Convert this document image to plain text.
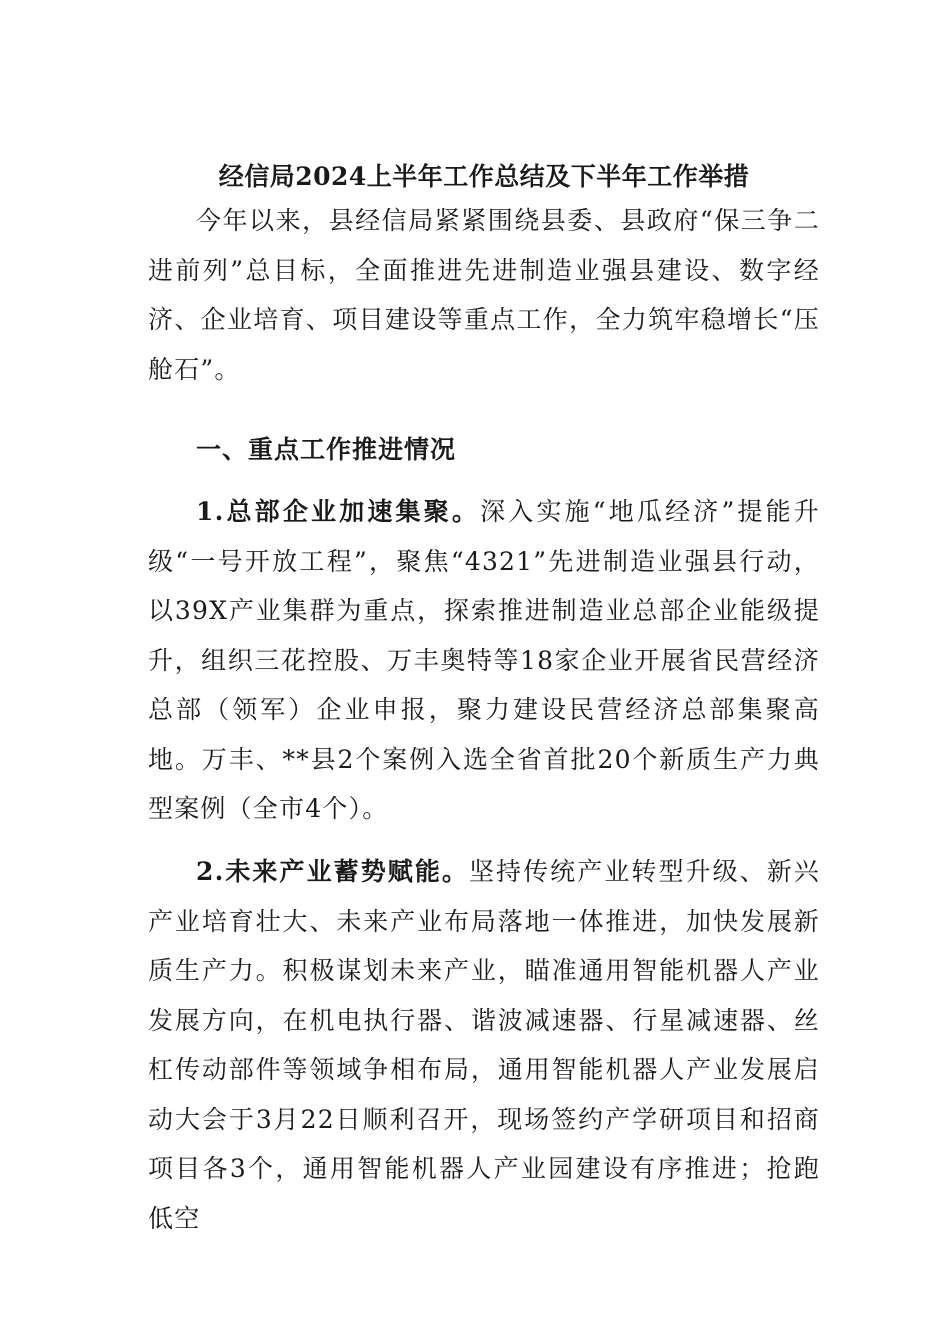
经信局2024上半年工作总结及下半年工作举措

今年以来，县经信局紧紧围绕县委、县政府“保三争二进前列”总目标，全面推进先进制造业强县建设、数字经济、企业培育、项目建设等重点工作，全力筑牢稳增长“压舱石”。

一、重点工作推进情况

1.总部企业加速集聚。深入实施“地瓜经济”提能升级“一号开放工程”，聚焦“4321”先进制造业强县行动，以39X产业集群为重点，探索推进制造业总部企业能级提升，组织三花控股、万丰奥特等18家企业开展省民营经济总部（领军）企业申报，聚力建设民营经济总部集聚高地。万丰、**县2个案例入选全省首批20个新质生产力典型案例（全市4个）。

2.未来产业蓄势赋能。坚持传统产业转型升级、新兴产业培育壮大、未来产业布局落地一体推进，加快发展新质生产力。积极谋划未来产业，瞄准通用智能机器人产业发展方向，在机电执行器、谐波减速器、行星减速器、丝杠传动部件等领域争相布局，通用智能机器人产业发展启动大会于3月22日顺利召开，现场签约产学研项目和招商项目各3个，通用智能机器人产业园建设有序推进；抢跑低空
